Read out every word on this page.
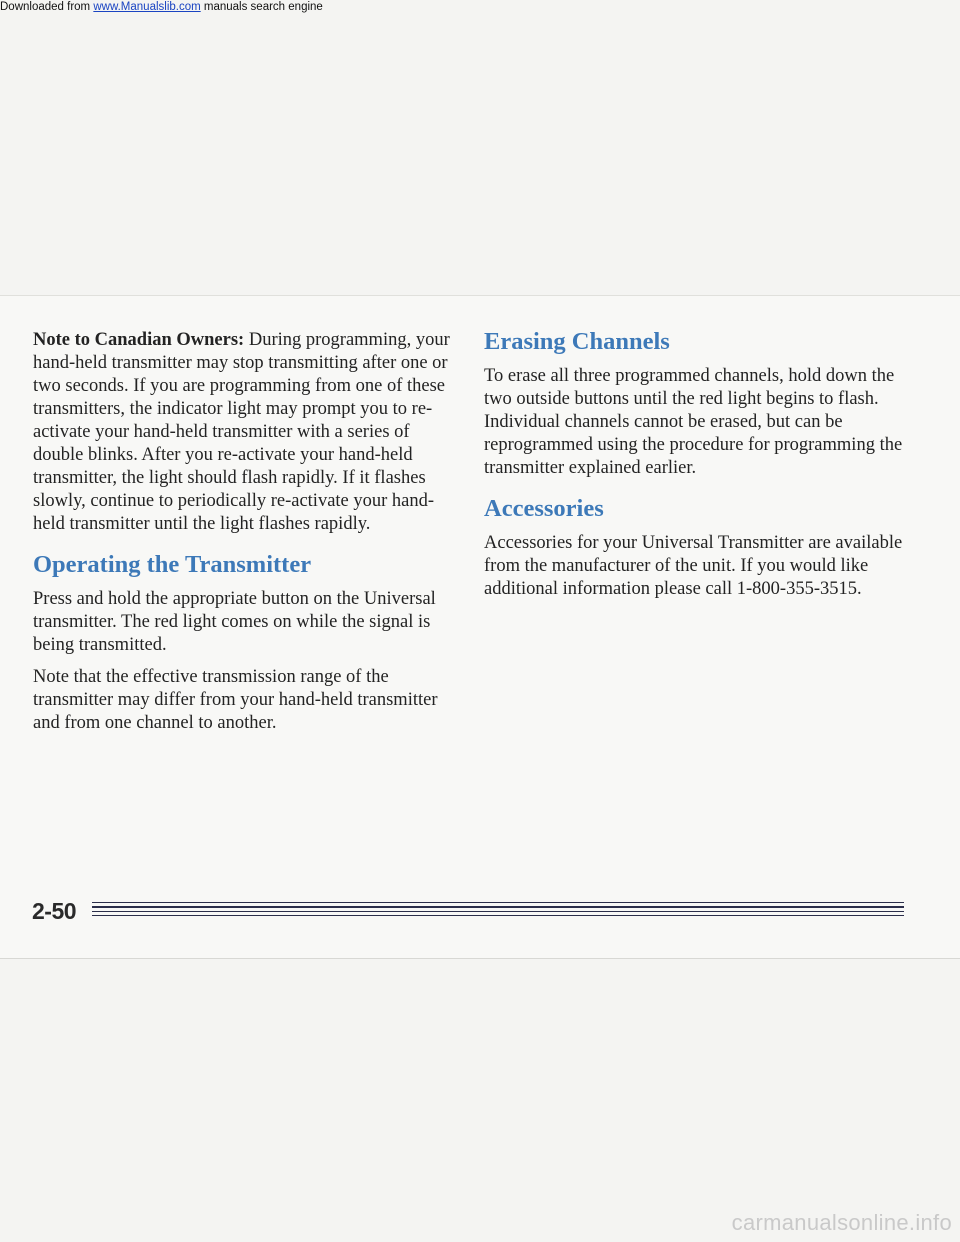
Downloaded from www.Manualslib.com manuals search engine

Note to Canadian Owners: During programming, your hand-held transmitter may stop transmitting after one or two seconds. If you are programming from one of these transmitters, the indicator light may prompt you to re-activate your hand-held transmitter with a series of double blinks. After you re-activate your hand-held transmitter, the light should flash rapidly. If it flashes slowly, continue to periodically re-activate your hand-held transmitter until the light flashes rapidly.

Operating the Transmitter

Press and hold the appropriate button on the Universal transmitter. The red light comes on while the signal is being transmitted.

Note that the effective transmission range of the transmitter may differ from your hand-held transmitter and from one channel to another.

Erasing Channels

To erase all three programmed channels, hold down the two outside buttons until the red light begins to flash. Individual channels cannot be erased, but can be reprogrammed using the procedure for programming the transmitter explained earlier.

Accessories

Accessories for your Universal Transmitter are available from the manufacturer of the unit. If you would like additional information please call 1-800-355-3515.

2-50
carmanualsonline.info
